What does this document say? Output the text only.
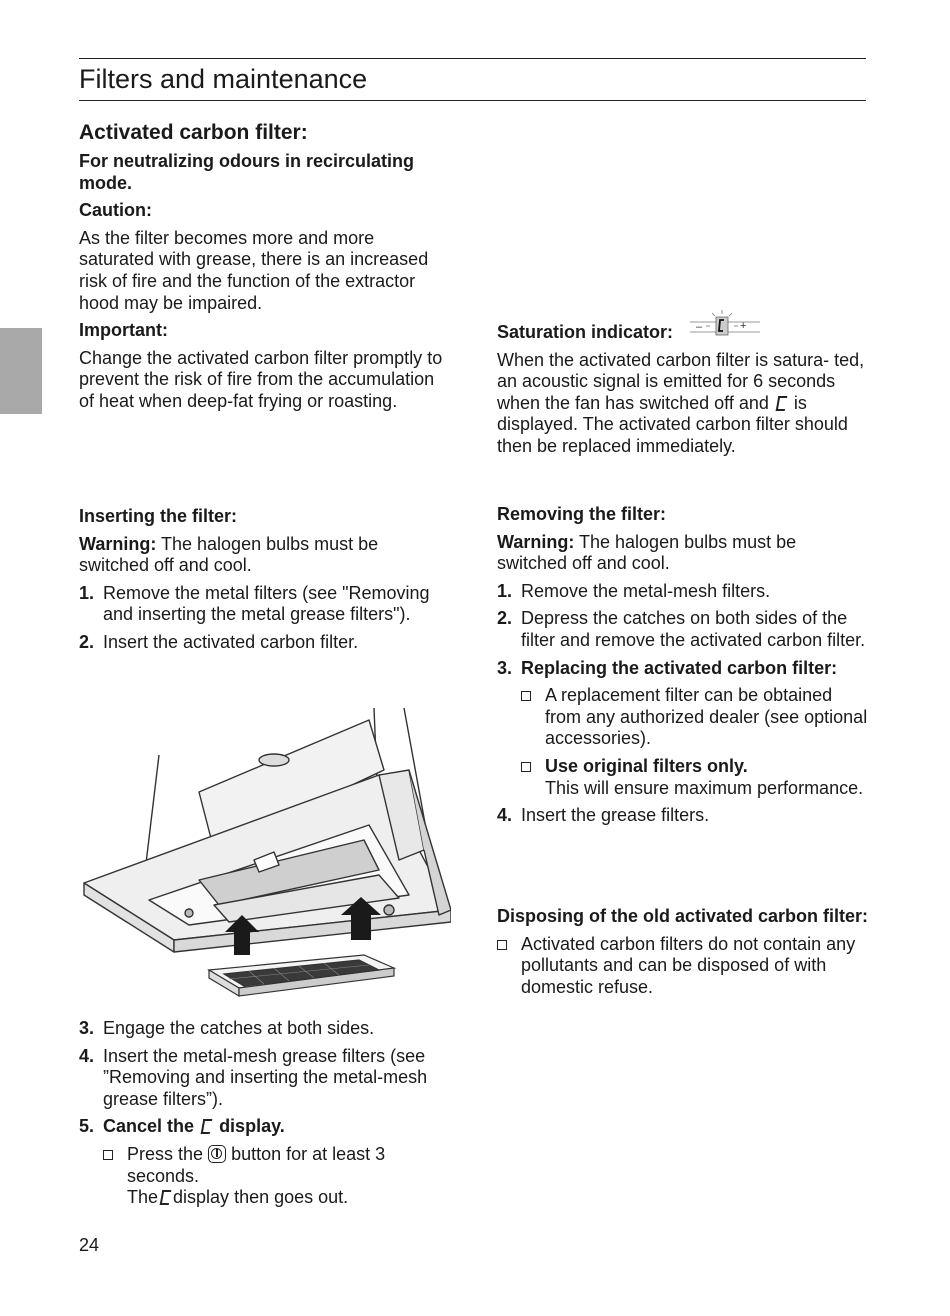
Filters and maintenance
Activated carbon filter:

For neutralizing odours in recirculating mode.

Caution:

As the filter becomes more and more saturated with grease, there is an increased risk of fire and the function of the extractor hood may be impaired.

Important:

Change the activated carbon filter promptly to prevent the risk of fire from the accumulation of heat when deep-fat frying or roasting.

Inserting the filter:

Warning: The halogen bulbs must be switched off and cool.

1. Remove the metal filters (see "Removing and inserting the metal grease filters").
2. Insert the activated carbon filter.
3. Engage the catches at both sides.
4. Insert the metal-mesh grease filters (see ”Removing and inserting the metal-mesh grease filters”).
5. Cancel the display.
Press the button for at least 3 seconds.
The display then goes out.

Saturation indicator:

When the activated carbon filter is satura- ted, an acoustic signal is emitted for 6 seconds when the fan has switched off and is displayed. The activated carbon filter should then be replaced immediately.

–	+

Removing the filter:

Warning: The halogen bulbs must be switched off and cool.

1. Remove the metal-mesh filters.
2. Depress the catches on both sides of the filter and remove the activated carbon filter.
3. Replacing the activated carbon filter:
A replacement filter can be obtained from any authorized dealer (see optional accessories).
Use original filters only.
This will ensure maximum performance.
4. Insert the grease filters.

Disposing of the old activated carbon filter:

Activated carbon filters do not contain any pollutants and can be disposed of with domestic refuse.
24
